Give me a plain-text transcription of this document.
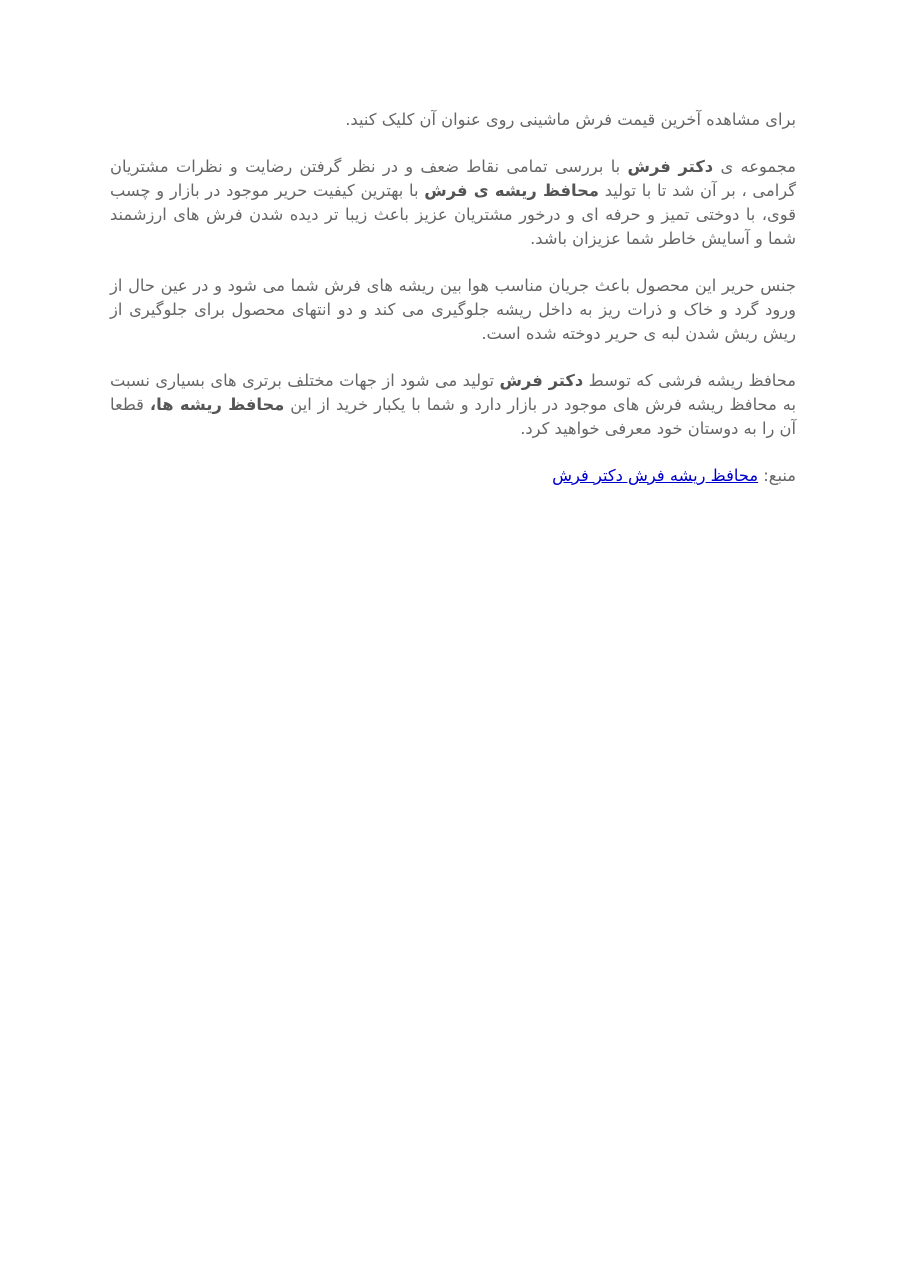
برای مشاهده آخرین قیمت فرش ماشینی روی عنوان آن کلیک کنید.

مجموعه ی دکتر فرش با بررسی تمامی نقاط ضعف و در نظر گرفتن رضایت و نظرات مشتریان گرامی ، بر آن شد تا با تولید محافظ ریشه ی فرش با بهترین کیفیت حریر موجود در بازار و چسب قوی، با دوختی تمیز و حرفه ای و درخور مشتریان عزیز باعث زیبا تر دیده شدن فرش های ارزشمند شما و آسایش خاطر شما عزیزان باشد.

جنس حریر این محصول باعث جریان مناسب هوا بین ریشه های فرش شما می شود و در عین حال از ورود گرد و خاک و ذرات ریز به داخل ریشه جلوگیری می کند و دو انتهای محصول برای جلوگیری از ریش ریش شدن لبه ی حریر دوخته شده است.

محافظ ریشه فرشی که توسط دکتر فرش تولید می شود از جهات مختلف برتری های بسیاری نسبت به محافظ ریشه فرش های موجود در بازار دارد و شما با یکبار خرید از این محافظ ریشه ها، قطعا آن را به دوستان خود معرفی خواهید کرد.

منبع: محافظ ریشه فرش دکتر فرش
